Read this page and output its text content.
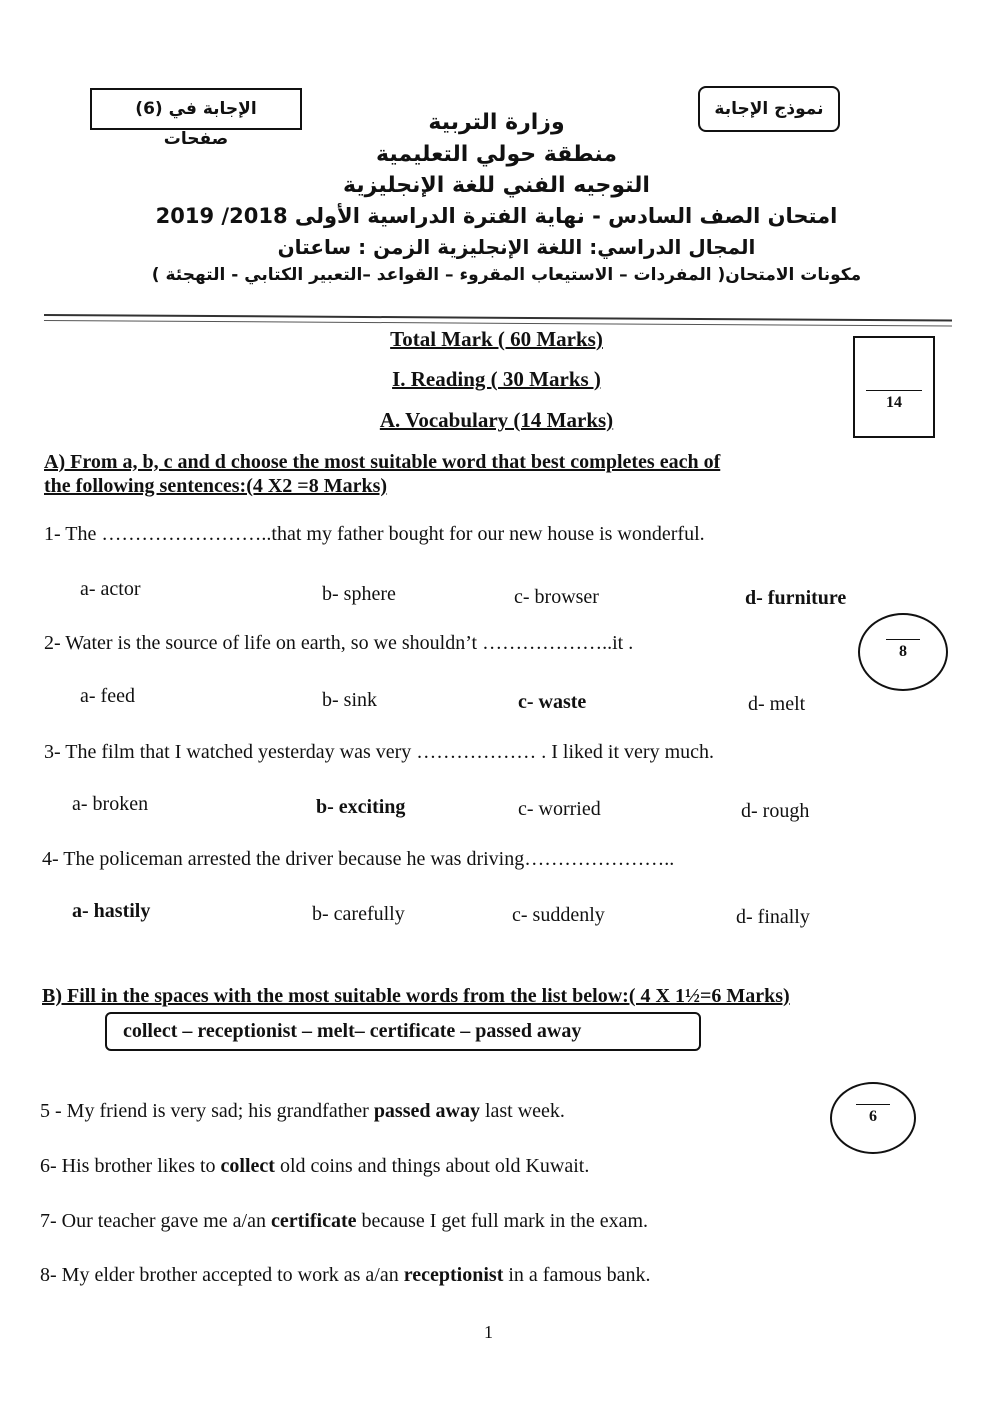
الإجابة في (6) صفحات
نموذج الإجابة
وزارة التربية
منطقة حولي التعليمية
التوجيه الفني للغة الإنجليزية
امتحان الصف السادس - نهاية الفترة الدراسية الأولى 2018/ 2019
المجال الدراسي: اللغة الإنجليزية الزمن : ساعتان
مكونات الامتحان( المفردات – الاستيعاب المقروء – القواعد –التعبير الكتابي - التهجئة )
Total Mark ( 60 Marks)
I. Reading ( 30 Marks )
A. Vocabulary (14 Marks)
14
A) From a, b, c and d choose the most suitable word that best completes each of
the following sentences:(4 X2 =8 Marks)
1- The ……………………..that my father bought for our new house is wonderful.
a- actor	b- sphere	c- browser	d- furniture
8
2- Water is the source of life on earth, so we shouldn’t ………………..it .
a- feed	b- sink	c- waste	d- melt
3- The film that I watched yesterday was very ……………… . I liked it very much.
a- broken	b- exciting	c- worried	d- rough
4- The policeman arrested the driver because he was driving…………………..
a- hastily	b- carefully	c- suddenly	d- finally
B) Fill in the spaces with the most suitable words from the list below:( 4 X 1½=6 Marks)
collect – receptionist – melt– certificate – passed away
6
5 - My friend is very sad; his grandfather passed away last week.
6- His brother likes to collect old coins and things about old Kuwait.
7- Our teacher gave me a/an certificate because I get full mark in the exam.
8- My elder brother accepted to work as a/an receptionist in a famous bank.
1
